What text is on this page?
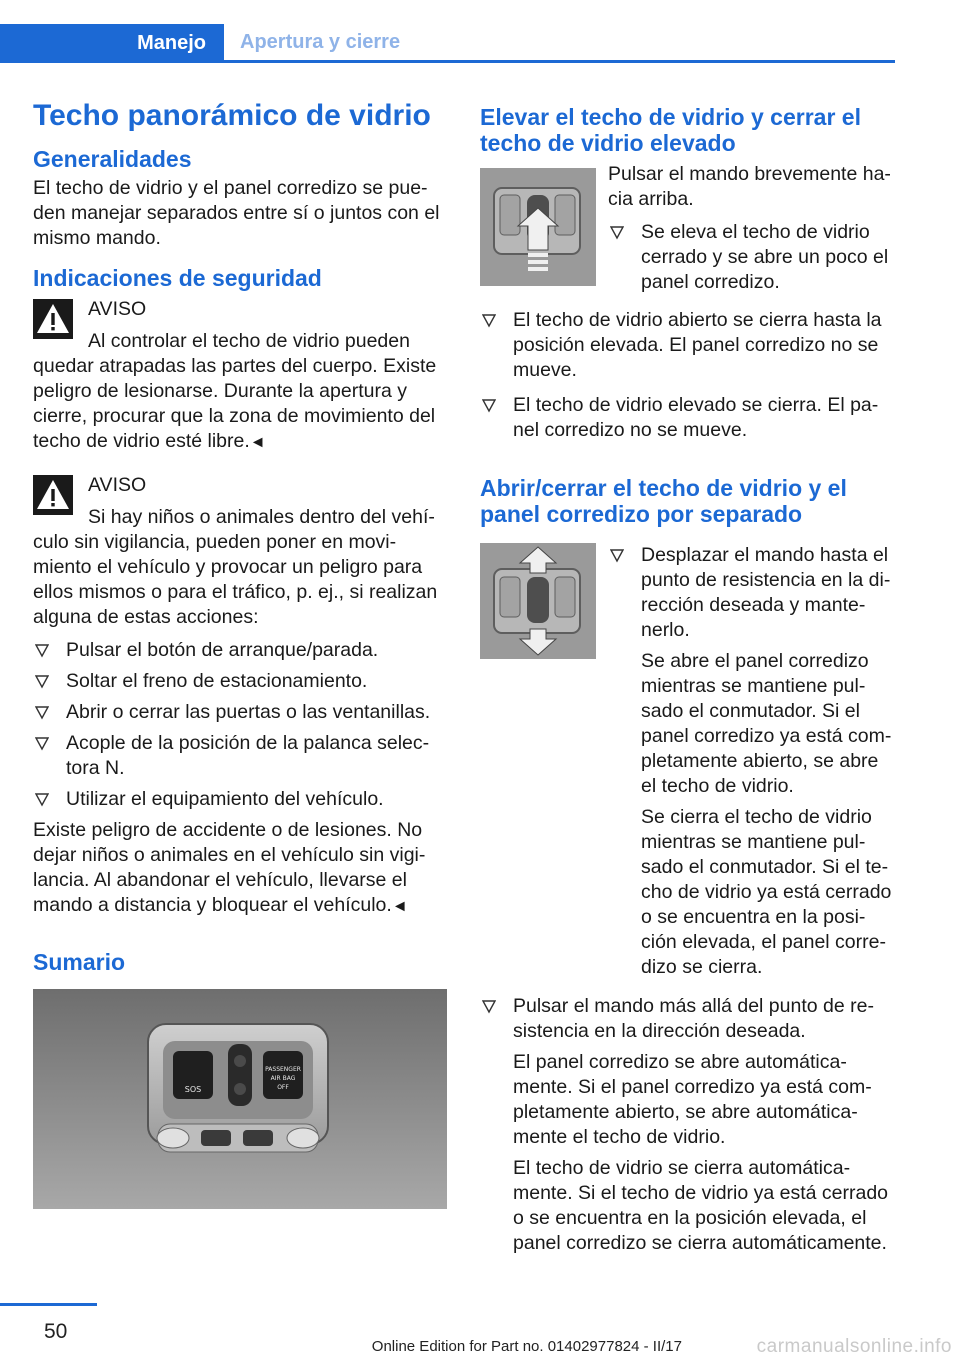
Manejo Apertura y cierre
Techo panorámico de vidrio
Generalidades

El techo de vidrio y el panel corredizo se pue- den manejar separados entre sí o juntos con el mismo mando.

Indicaciones de seguridad
AVISO
Al controlar el techo de vidrio pueden
quedar atrapadas las partes del cuerpo. Existe peligro de lesionarse. Durante la apertura y cierre, procurar que la zona de movimiento del techo de vidrio esté libre.◄
AVISO
Si hay niños o animales dentro del vehí-
culo sin vigilancia, pueden poner en movi- miento el vehículo y provocar un peligro para ellos mismos o para el tráfico, p. ej., si realizan alguna de estas acciones:
Pulsar el botón de arranque/parada.
Soltar el freno de estacionamiento.
Abrir o cerrar las puertas o las ventanillas.
Acople de la posición de la palanca selec- tora N.
Utilizar el equipamiento del vehículo.

Existe peligro de accidente o de lesiones. No dejar niños o animales en el vehículo sin vigi- lancia. Al abandonar el vehículo, llevarse el mando a distancia y bloquear el vehículo.◄

Sumario
SOS
PASSENGER
AIR BAG
OFF
Elevar el techo de vidrio y cerrar el techo de vidrio elevado

Pulsar el mando brevemente ha- cia arriba.

Se eleva el techo de vidrio cerrado y se abre un poco el panel corredizo.
El techo de vidrio abierto se cierra hasta la posición elevada. El panel corredizo no se mueve.
El techo de vidrio elevado se cierra. El pa- nel corredizo no se mueve.
Abrir/cerrar el techo de vidrio y el panel corredizo por separado

Desplazar el mando hasta el punto de resistencia en la di- rección deseada y mante- nerlo.

Se abre el panel corredizo mientras se mantiene pul- sado el conmutador. Si el panel corredizo ya está com- pletamente abierto, se abre el techo de vidrio.

Se cierra el techo de vidrio mientras se mantiene pul- sado el conmutador. Si el te- cho de vidrio ya está cerrado o se encuentra en la posi- ción elevada, el panel corre- dizo se cierra.

Pulsar el mando más allá del punto de re- sistencia en la dirección deseada.

El panel corredizo se abre automática- mente. Si el panel corredizo ya está com- pletamente abierto, se abre automática- mente el techo de vidrio.

El techo de vidrio se cierra automática- mente. Si el techo de vidrio ya está cerrado o se encuentra en la posición elevada, el panel corredizo se cierra automáticamente.

50
Online Edition for Part no. 01402977824 - II/17	carmanualsonline.info
